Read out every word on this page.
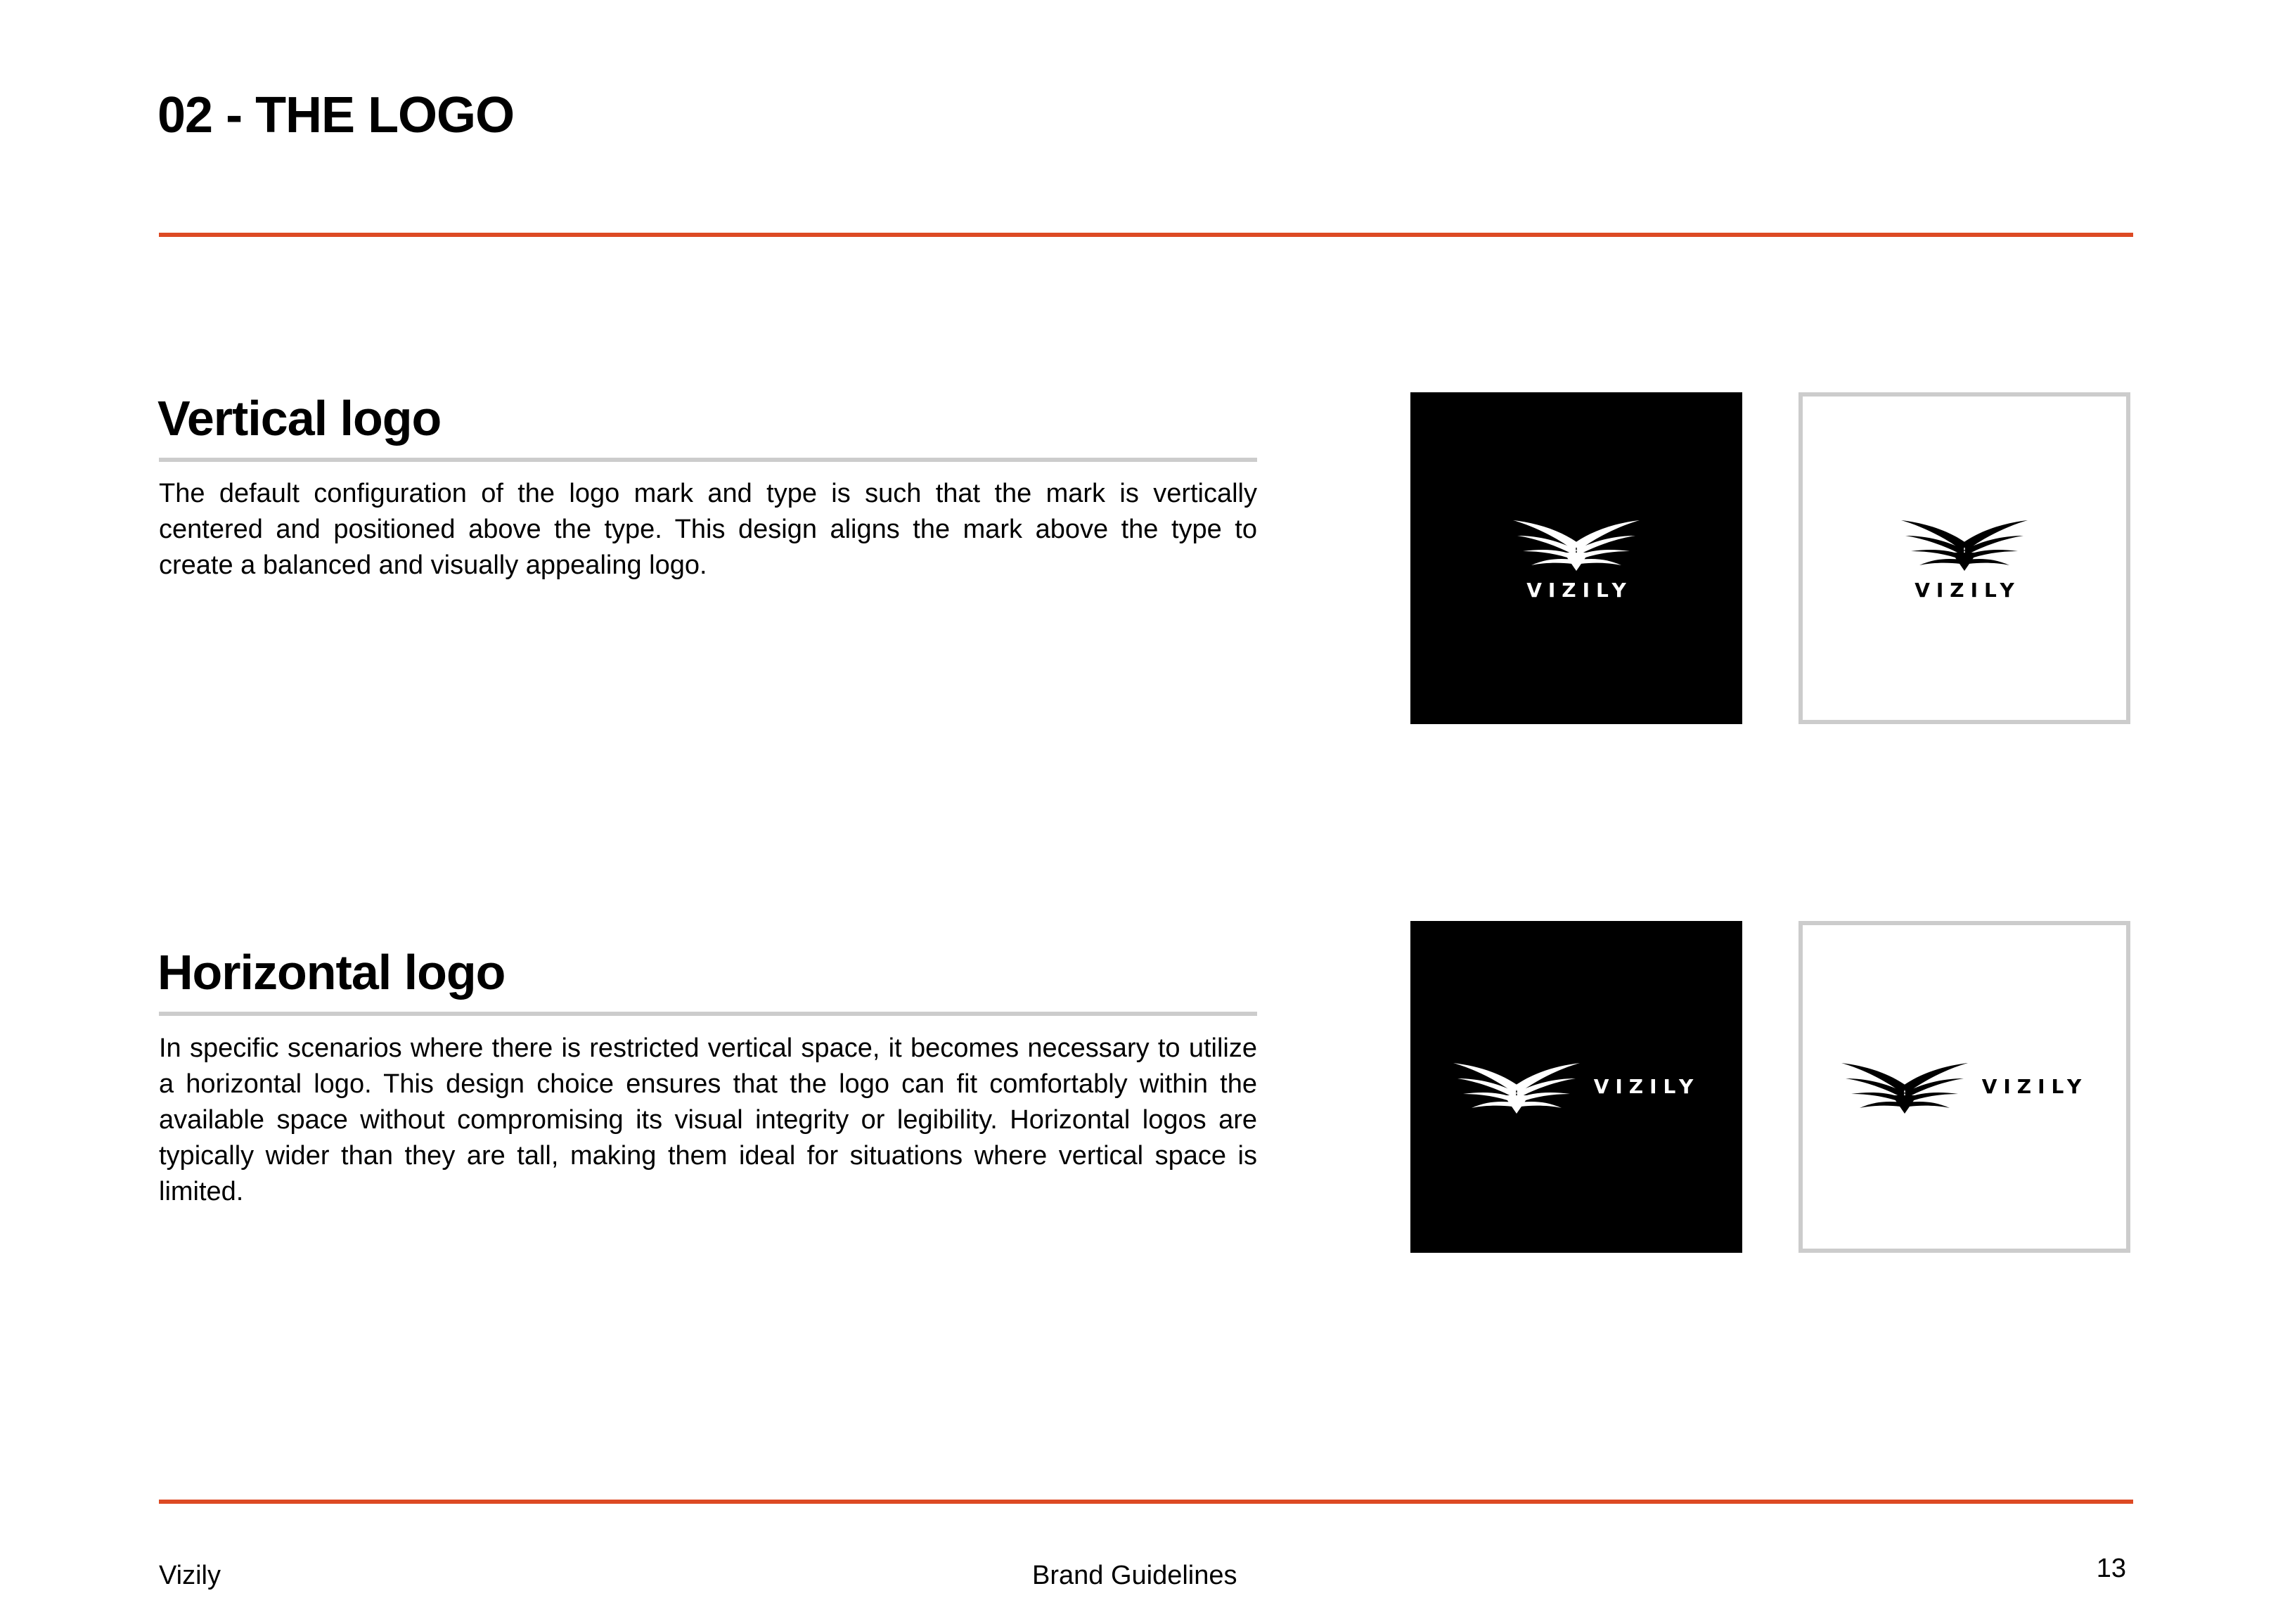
02 - THE LOGO
Vertical logo

The default configuration of the logo mark and type is such that the mark is vertically centered and positioned above the type. This design aligns the mark above the type to create a balanced and visually appealing logo.

VIZILY	VIZILY
Horizontal logo

In specific scenarios where there is restricted vertical space, it becomes necessary to utilize a horizontal logo. This design choice ensures that the logo can fit comfortably within the available space without compromising its visual integrity or legibility. Horizontal logos are typically wider than they are tall, making them ideal for situations where vertical space is limited.

VIZILY	VIZILY
Vizily	Brand Guidelines	13
